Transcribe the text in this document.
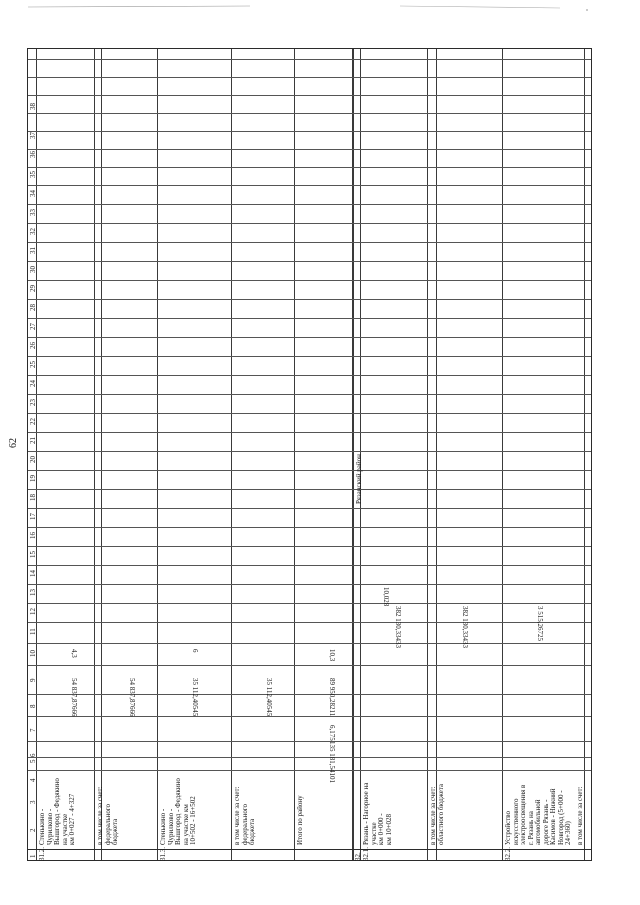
62
1
2
3
4
5
6
7
8
9
10
11
12
13
14
15
16
17
18
19
20
21
22
23
24
25
26
27
28
29
30
31
32
33
34
35
36
37
38
Рязанский район
31.2.
Стенькино - Чурилково - Вышгород - Федякино на участке км 0+027 - 4+327
54 837,87666
4,3
в том числе за счет: федерального бюджета
54 837,87666
31.3.
Стенькино - Чурилково - Вышгород - Федякино на участке км 10+502 - 16+502
35 112,40545
6
в том числе за счет: федерального бюджета
35 112,40545
Итого по району
135 181,54101
6,175
89 950,28211
10,3
32. 32.1.
Рязань - Нагорное на участке км 0+000 - км 10+028
382 130,33433
10,028
в том числе за счет: областного бюджета
382 130,33433
32.2.
Устройство искусственного электроосвещения в г. Рязань на автомобильной дороге Рязань - Касимов - Нижний Новгород (5+000 - 24+360)
3 515,26725
в том числе за счет:
